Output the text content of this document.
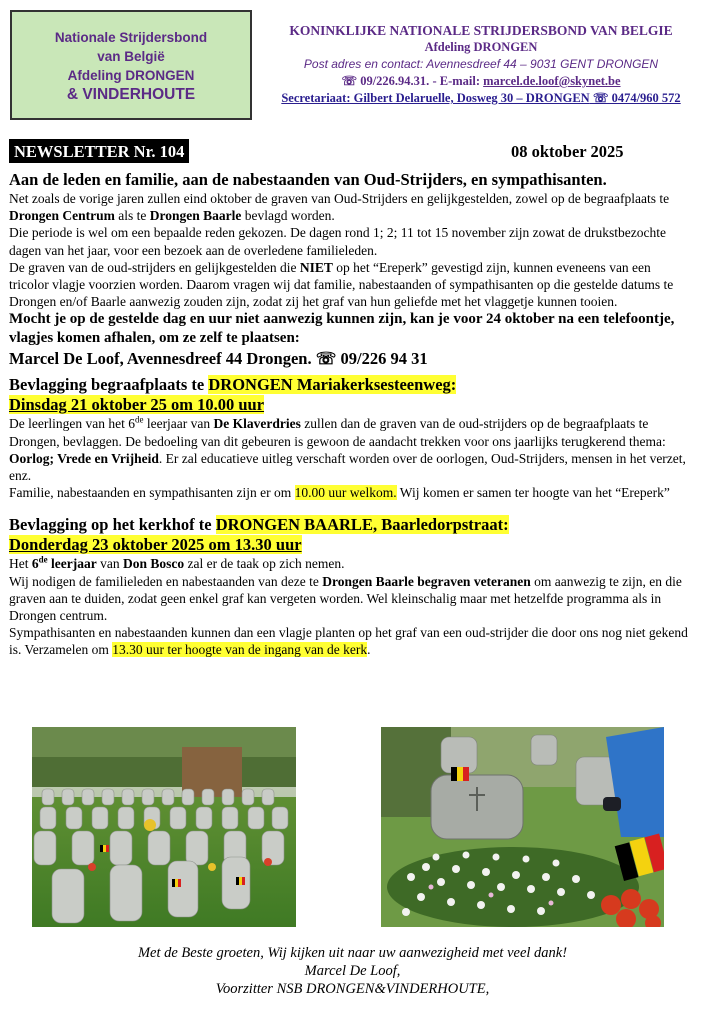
Nationale Strijdersbond
van België
Afdeling DRONGEN
& VINDERHOUTE
KONINKLIJKE NATIONALE STRIJDERSBOND VAN BELGIE
Afdeling DRONGEN
Post adres en contact: Avennesdreef 44 – 9031 GENT DRONGEN
☏ 09/226.94.31. - E-mail: marcel.de.loof@skynet.be
Secretariaat: Gilbert Delaruelle, Dosweg 30 – DRONGEN ☏ 0474/960 572
NEWSLETTER Nr. 104	08 oktober 2025
Aan de leden en familie, aan de nabestaanden van Oud-Strijders, en sympathisanten.

Net zoals de vorige jaren zullen eind oktober de graven van Oud-Strijders en gelijkgestelden, zowel op de begraafplaats te Drongen Centrum als te Drongen Baarle bevlagd worden.

Die periode is wel om een bepaalde reden gekozen. De dagen rond 1; 2; 11 tot 15 november zijn zowat de drukstbezochte dagen van het jaar, voor een bezoek aan de overledene familieleden.

De graven van de oud-strijders en gelijkgestelden die NIET op het “Ereperk” gevestigd zijn, kunnen eveneens van een tricolor vlagje voorzien worden. Daarom vragen wij dat familie, nabestaanden of sympathisanten op die gestelde datums te Drongen en/of Baarle aanwezig zouden zijn, zodat zij het graf van hun geliefde met het vlaggetje kunnen tooien.

Mocht je op de gestelde dag en uur niet aanwezig kunnen zijn, kan je voor 24 oktober na een telefoontje, vlagjes komen afhalen, om ze zelf te plaatsen:

Marcel De Loof, Avennesdreef 44 Drongen. ☏ 09/226 94 31
Bevlagging begraafplaats te DRONGEN Mariakerksesteenweg:
Dinsdag 21 oktober 25 om 10.00 uur

De leerlingen van het 6de leerjaar van De Klaverdries zullen dan de graven van de oud-strijders op de begraafplaats te Drongen, bevlaggen. De bedoeling van dit gebeuren is gewoon de aandacht trekken voor ons jaarlijks terugkerend thema: Oorlog; Vrede en Vrijheid. Er zal educatieve uitleg verschaft worden over de oorlogen, Oud-Strijders, mensen in het verzet, enz.

Familie, nabestaanden en sympathisanten zijn er om 10.00 uur welkom. Wij komen er samen ter hoogte van het “Ereperk”

Bevlagging op het kerkhof te DRONGEN BAARLE, Baarledorpstraat:
Donderdag 23 oktober 2025 om 13.30 uur

Het 6de leerjaar van Don Bosco zal er de taak op zich nemen.

Wij nodigen de familieleden en nabestaanden van deze te Drongen Baarle begraven veteranen om aanwezig te zijn, en die graven aan te duiden, zodat geen enkel graf kan vergeten worden. Wel kleinschalig maar met hetzelfde programma als in Drongen centrum.

Sympathisanten en nabestaanden kunnen dan een vlagje planten op het graf van een oud-strijder die door ons nog niet gekend is. Verzamelen om 13.30 uur ter hoogte van de ingang van de kerk.

Met de Beste groeten, Wij kijken uit naar uw aanwezigheid met veel dank!
Marcel De Loof,
Voorzitter NSB DRONGEN&VINDERHOUTE,
